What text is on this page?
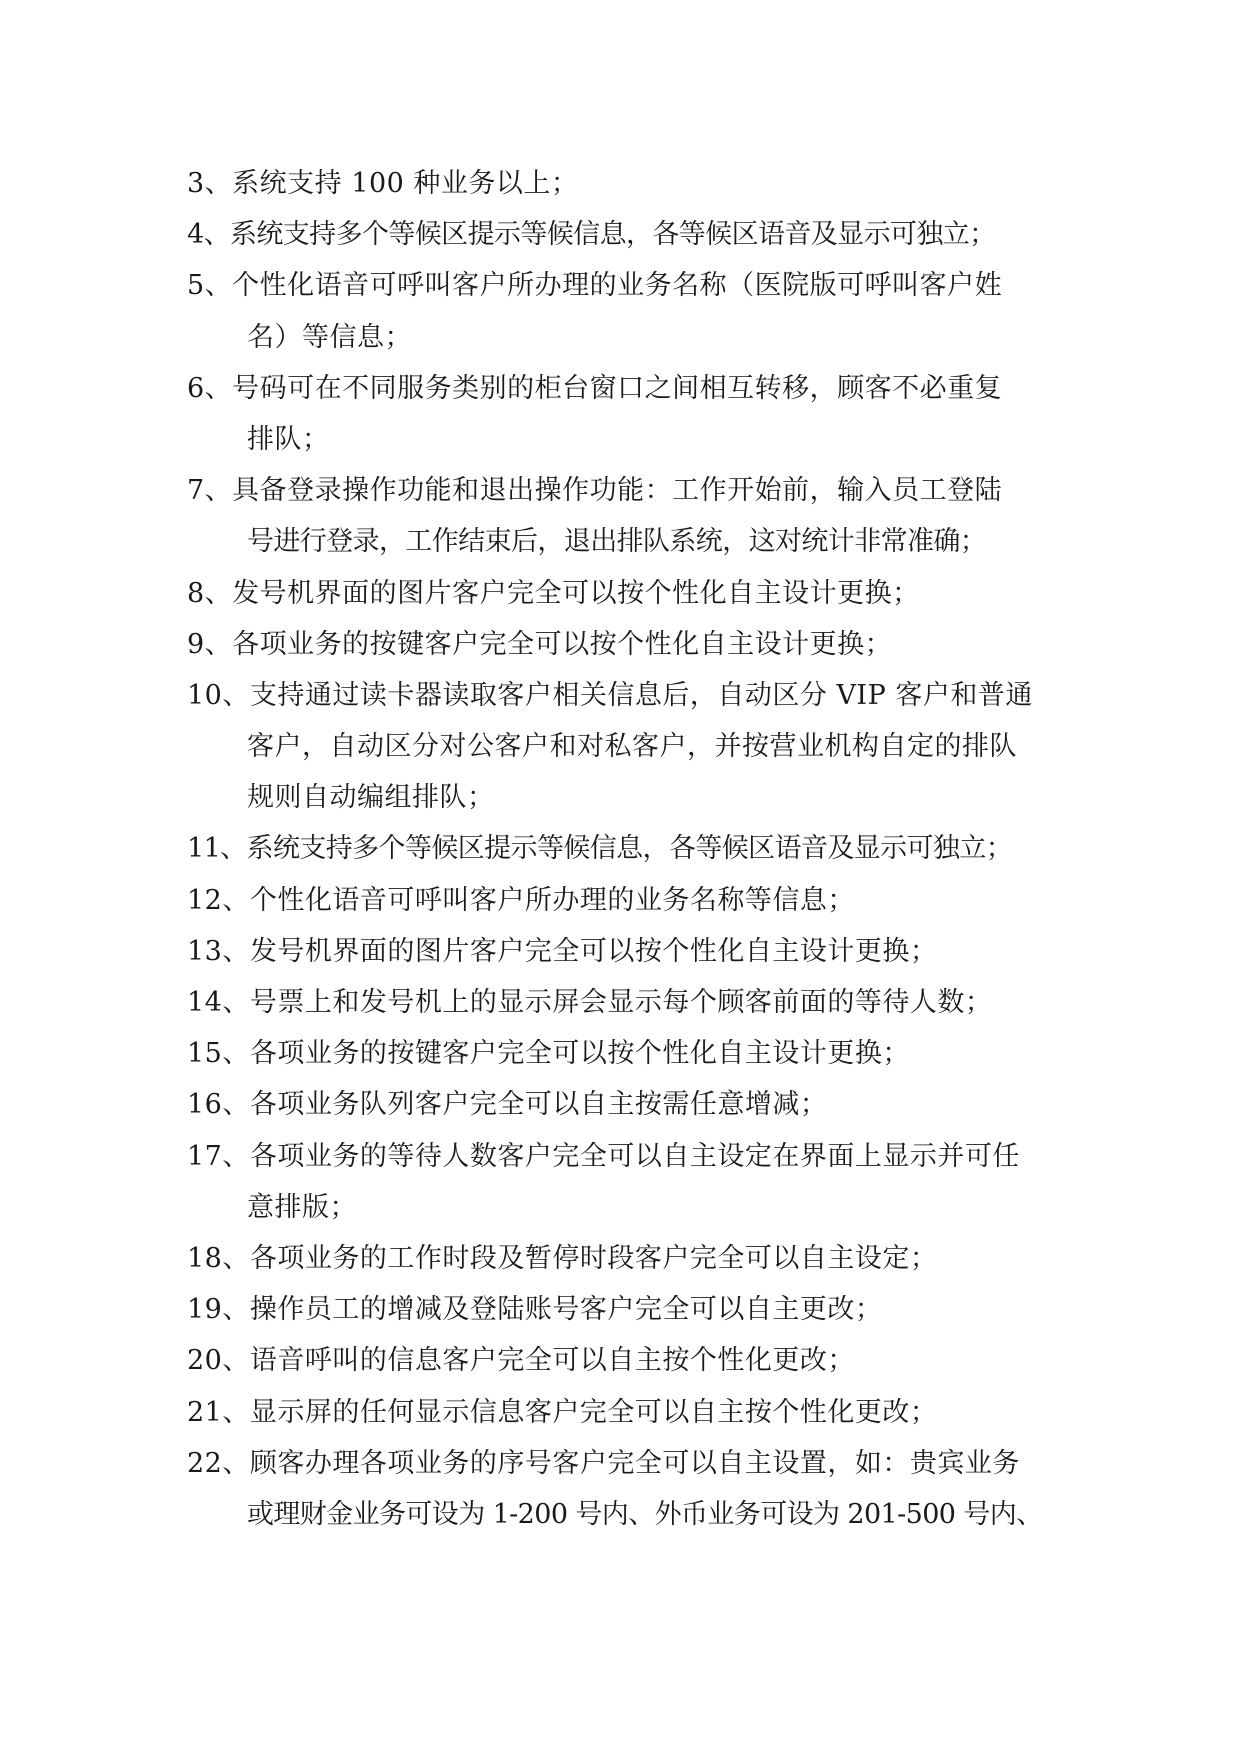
3、系统支持 100 种业务以上；
4、系统支持多个等候区提示等候信息，各等候区语音及显示可独立；
5、个性化语音可呼叫客户所办理的业务名称（医院版可呼叫客户姓
名）等信息；
6、号码可在不同服务类别的柜台窗口之间相互转移，顾客不必重复
排队；
7、具备登录操作功能和退出操作功能：工作开始前，输入员工登陆
号进行登录，工作结束后，退出排队系统，这对统计非常准确；
8、发号机界面的图片客户完全可以按个性化自主设计更换；
9、各项业务的按键客户完全可以按个性化自主设计更换；
10、支持通过读卡器读取客户相关信息后，自动区分 VIP 客户和普通
客户，自动区分对公客户和对私客户，并按营业机构自定的排队
规则自动编组排队；
11、系统支持多个等候区提示等候信息，各等候区语音及显示可独立；
12、个性化语音可呼叫客户所办理的业务名称等信息；
13、发号机界面的图片客户完全可以按个性化自主设计更换；
14、号票上和发号机上的显示屏会显示每个顾客前面的等待人数；
15、各项业务的按键客户完全可以按个性化自主设计更换；
16、各项业务队列客户完全可以自主按需任意增减；
17、各项业务的等待人数客户完全可以自主设定在界面上显示并可任
意排版；
18、各项业务的工作时段及暂停时段客户完全可以自主设定；
19、操作员工的增减及登陆账号客户完全可以自主更改；
20、语音呼叫的信息客户完全可以自主按个性化更改；
21、显示屏的任何显示信息客户完全可以自主按个性化更改；
22、顾客办理各项业务的序号客户完全可以自主设置，如：贵宾业务
或理财金业务可设为 1-200 号内、外币业务可设为 201-500 号内、
